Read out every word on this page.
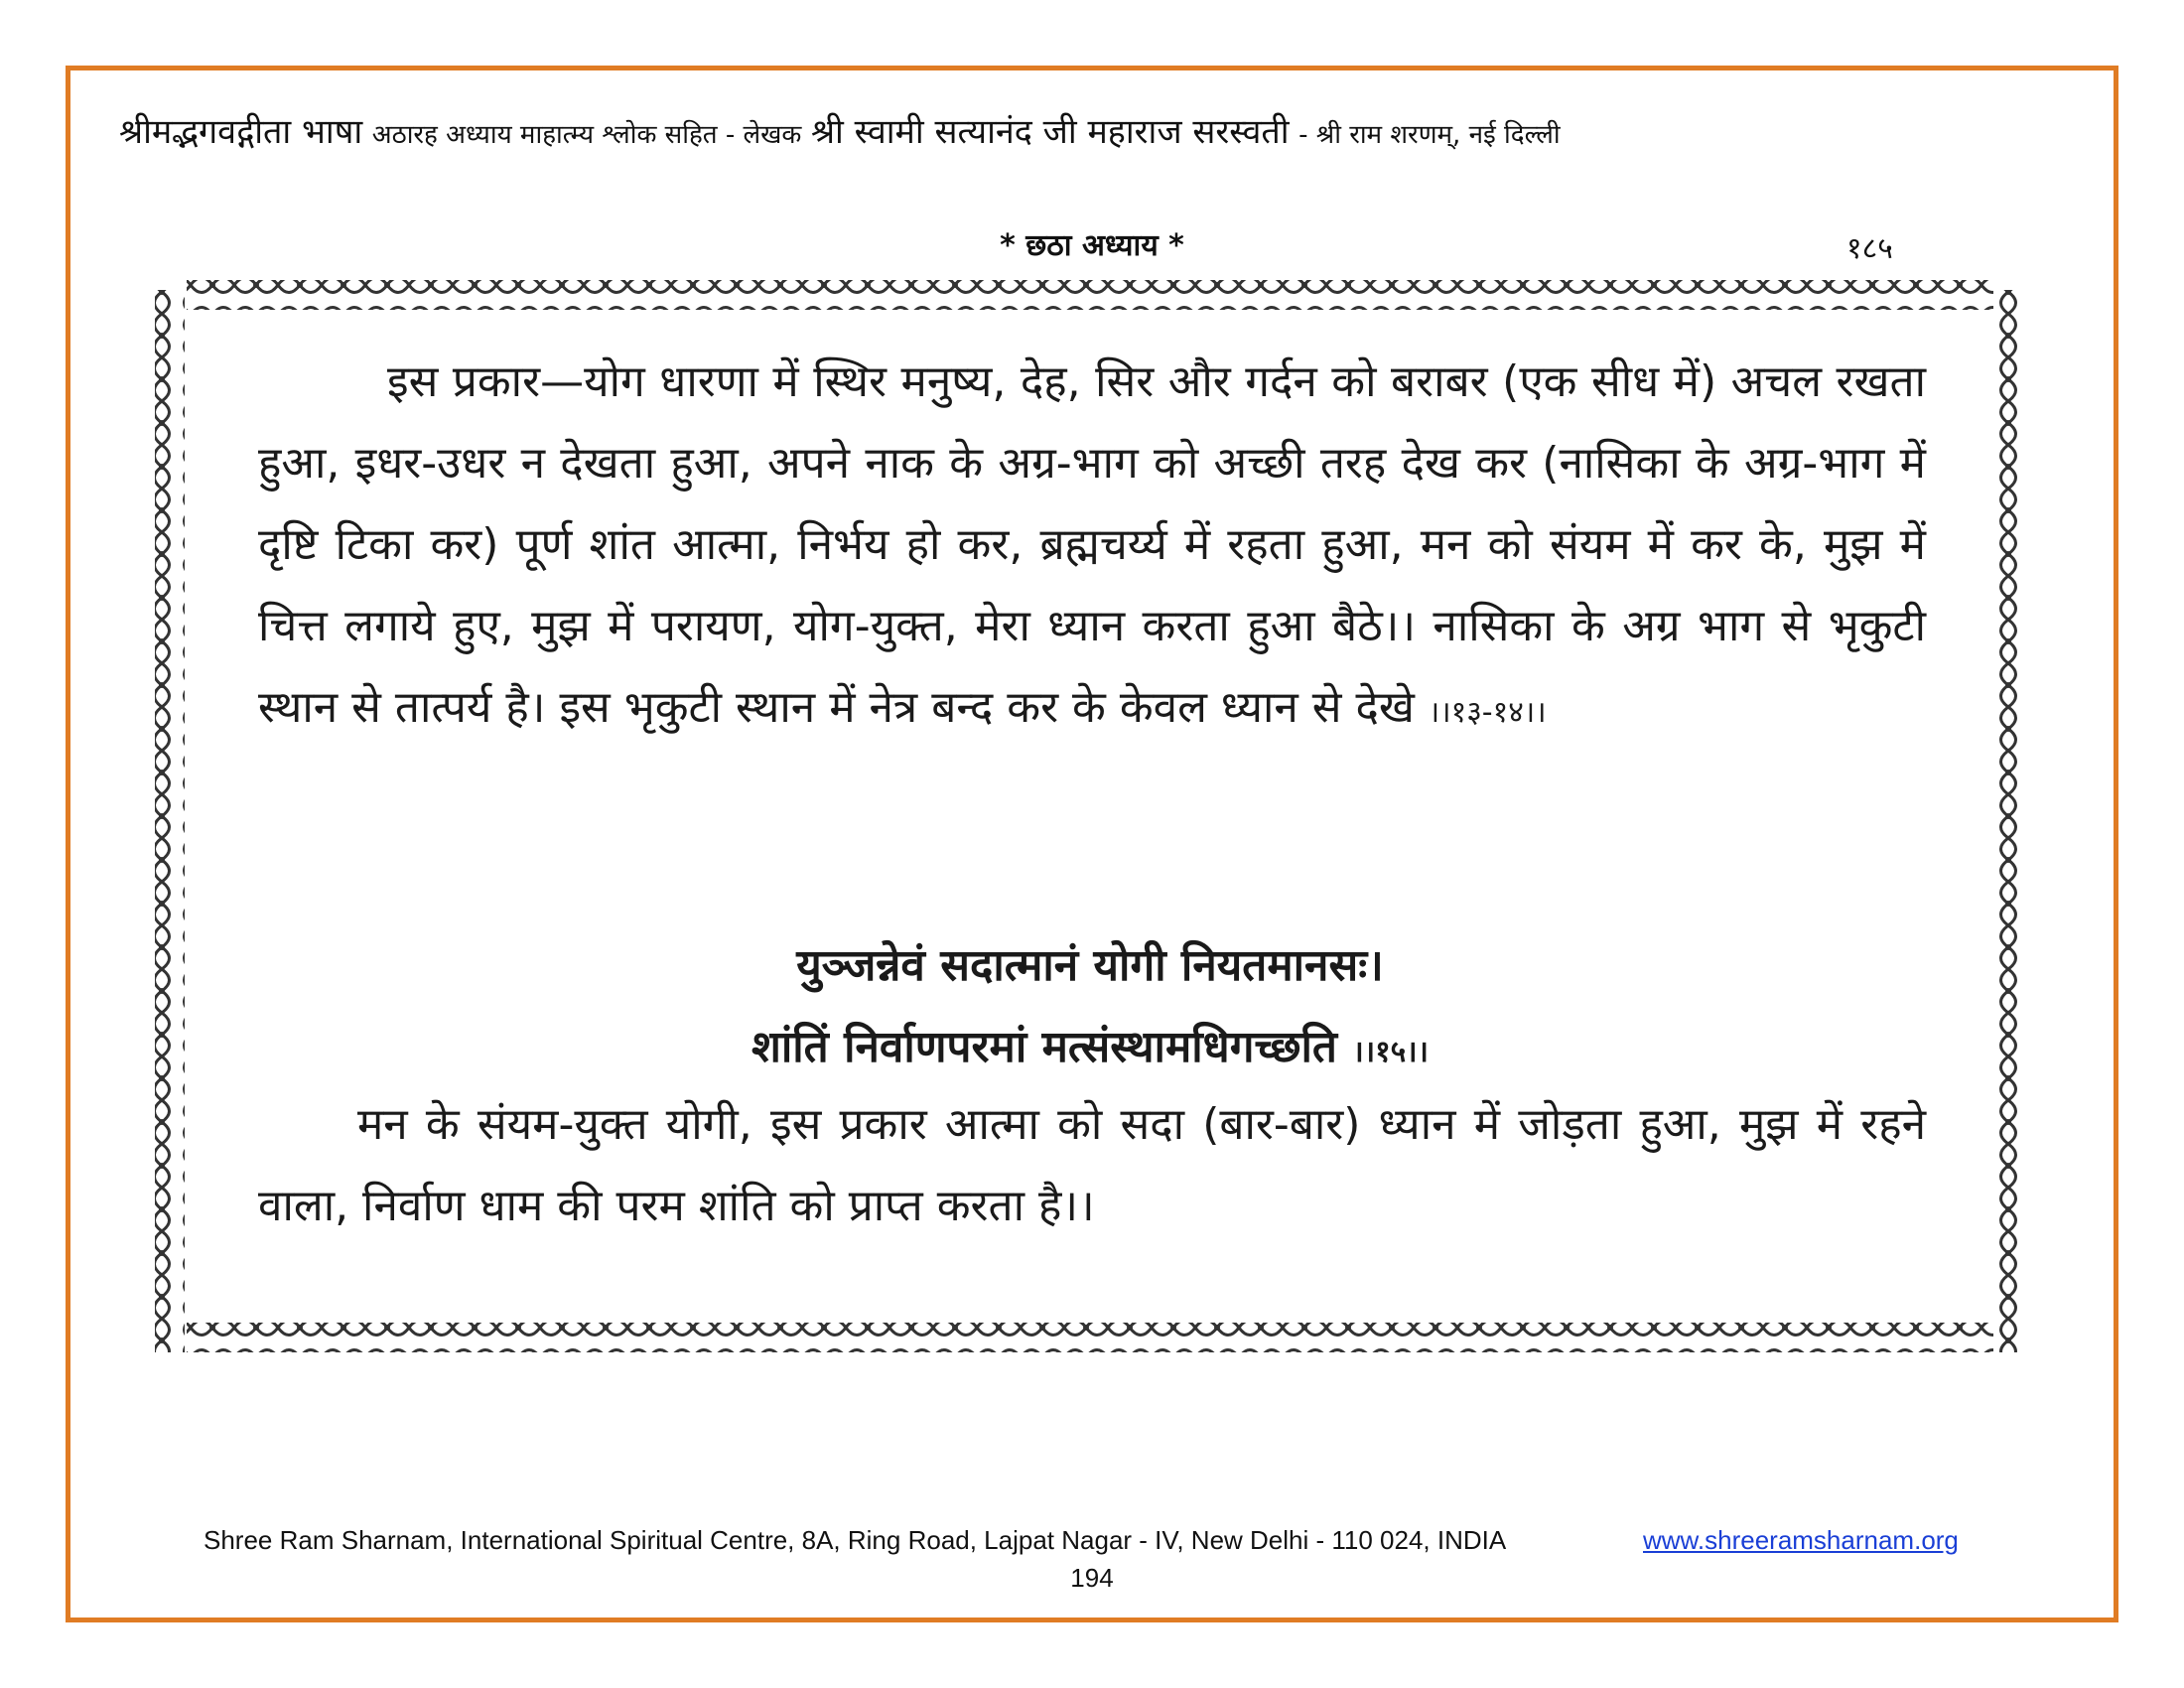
श्रीमद्भगवद्गीता भाषा अठारह अध्याय माहात्म्य श्लोक सहित - लेखक श्री स्वामी सत्यानंद जी महाराज सरस्वती - श्री राम शरणम्, नई दिल्ली
* छठा अध्याय *	१८५

इस प्रकार—योग धारणा में स्थिर मनुष्य, देह, सिर और गर्दन को बराबर (एक सीध में) अचल रखता हुआ, इधर-उधर न देखता हुआ, अपने नाक के अग्र-भाग को अच्छी तरह देख कर (नासिका के अग्र-भाग में दृष्टि टिका कर) पूर्ण शांत आत्मा, निर्भय हो कर, ब्रह्मचर्य्य में रहता हुआ, मन को संयम में कर के, मुझ में चित्त लगाये हुए, मुझ में परायण, योग-युक्त, मेरा ध्यान करता हुआ बैठे।। नासिका के अग्र भाग से भृकुटी स्थान से तात्पर्य है। इस भृकुटी स्थान में नेत्र बन्द कर के केवल ध्यान से देखे ।।१३-१४।।

युञ्जन्नेवं सदात्मानं योगी नियतमानसः।
शांतिं निर्वाणपरमां मत्संस्थामधिगच्छति ।।१५।।
मन के संयम-युक्त योगी, इस प्रकार आत्मा को सदा (बार-बार) ध्यान में जोड़ता हुआ, मुझ में रहने वाला, निर्वाण धाम की परम शांति को प्राप्त करता है।।
Shree Ram Sharnam, International Spiritual Centre, 8A, Ring Road, Lajpat Nagar - IV, New Delhi - 110 024, INDIA	www.shreeramsharnam.org
194
